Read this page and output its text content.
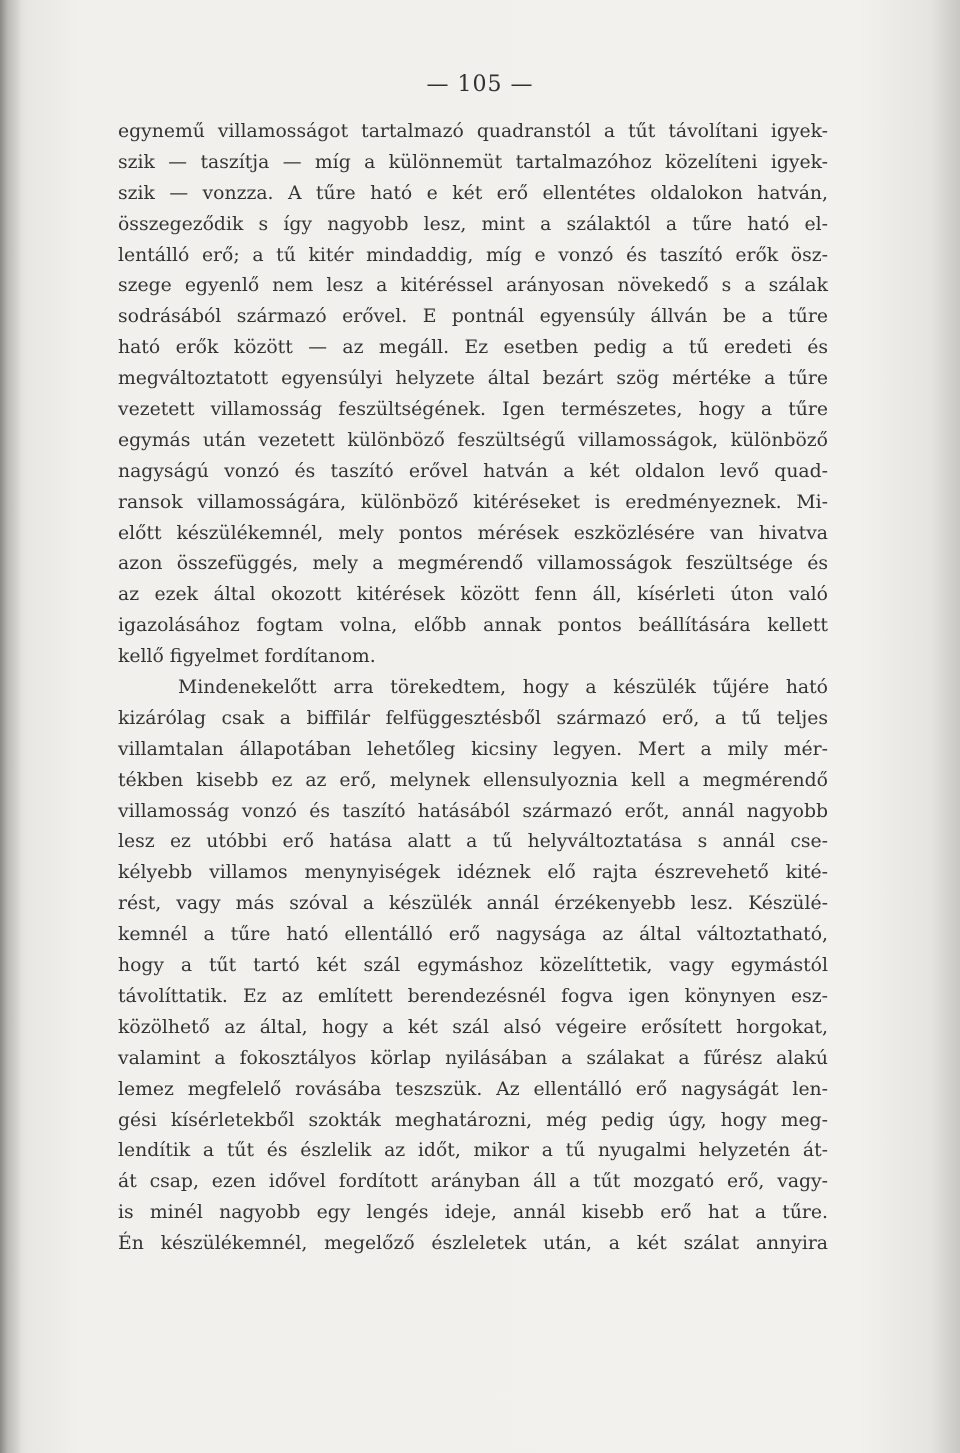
— 105 —
egynemű villamosságot tartalmazó quadranstól a tűt távolítani igyek-
szik — taszítja — míg a különnemüt tartalmazóhoz közelíteni igyek-
szik — vonzza. A tűre ható e két erő ellentétes oldalokon hatván,
összegeződik s így nagyobb lesz, mint a szálaktól a tűre ható el-
lentálló erő; a tű kitér mindaddig, míg e vonzó és taszító erők ösz-
szege egyenlő nem lesz a kitéréssel arányosan növekedő s a szálak
sodrásából származó erővel. E pontnál egyensúly állván be a tűre
ható erők között — az megáll. Ez esetben pedig a tű eredeti és
megváltoztatott egyensúlyi helyzete által bezárt szög mértéke a tűre
vezetett villamosság feszültségének. Igen természetes, hogy a tűre
egymás után vezetett különböző feszültségű villamosságok, különböző
nagyságú vonzó és taszító erővel hatván a két oldalon levő quad-
ransok villamosságára, különböző kitéréseket is eredményeznek. Mi-
előtt készülékemnél, mely pontos mérések eszközlésére van hivatva
azon összefüggés, mely a megmérendő villamosságok feszültsége és
az ezek által okozott kitérések között fenn áll, kísérleti úton való
igazolásához fogtam volna, előbb annak pontos beállítására kellett
kellő figyelmet fordítanom.
Mindenekelőtt arra törekedtem, hogy a készülék tűjére ható
kizárólag csak a biffilár felfüggesztésből származó erő, a tű teljes
villamtalan állapotában lehetőleg kicsiny legyen. Mert a mily mér-
tékben kisebb ez az erő, melynek ellensulyoznia kell a megmérendő
villamosság vonzó és taszító hatásából származó erőt, annál nagyobb
lesz ez utóbbi erő hatása alatt a tű helyváltoztatása s annál cse-
kélyebb villamos menynyiségek idéznek elő rajta észrevehető kité-
rést, vagy más szóval a készülék annál érzékenyebb lesz. Készülé-
kemnél a tűre ható ellentálló erő nagysága az által változtatható,
hogy a tűt tartó két szál egymáshoz közelíttetik, vagy egymástól
távolíttatik. Ez az említett berendezésnél fogva igen könynyen esz-
közölhető az által, hogy a két szál alsó végeire erősített horgokat,
valamint a fokosztályos körlap nyilásában a szálakat a fűrész alakú
lemez megfelelő rovásába teszszük. Az ellentálló erő nagyságát len-
gési kísérletekből szokták meghatározni, még pedig úgy, hogy meg-
lendítik a tűt és észlelik az időt, mikor a tű nyugalmi helyzetén át-
át csap, ezen idővel fordított arányban áll a tűt mozgató erő, vagy-
is minél nagyobb egy lengés ideje, annál kisebb erő hat a tűre.
Én készülékemnél, megelőző észleletek után, a két szálat annyira
